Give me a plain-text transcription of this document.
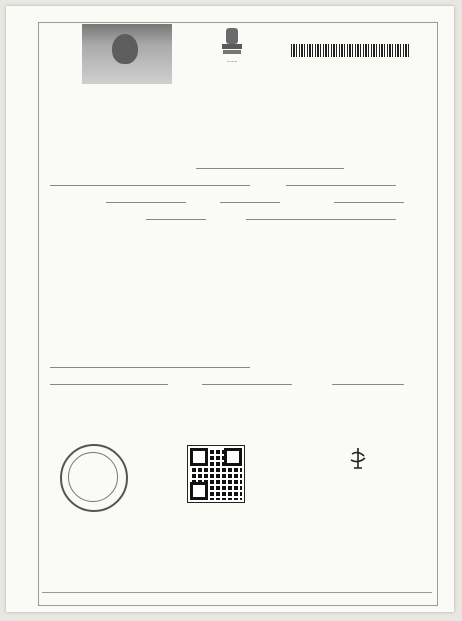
~~~
